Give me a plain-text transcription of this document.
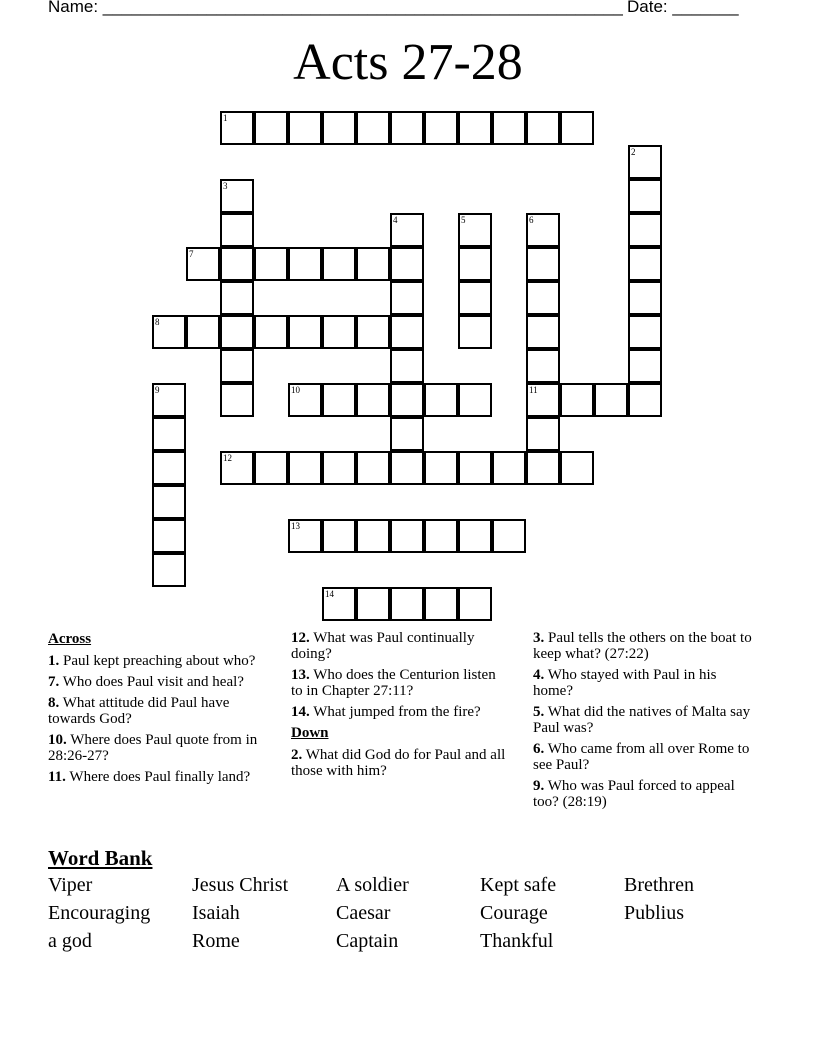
Name: _______________________________________________________ Date: _______
Acts 27-28
1
2
3
4	5	6
11
7
8
9	10
12
13
14
Across
1. Paul kept preaching about who?
7. Who does Paul visit and heal?
8. What attitude did Paul have towards God?
10. Where does Paul quote from in 28:26-27?
11. Where does Paul finally land?
12. What was Paul continually doing?
13. Who does the Centurion listen to in Chapter 27:11?
14. What jumped from the fire?
Down
2. What did God do for Paul and all those with him?
3. Paul tells the others on the boat to keep what? (27:22)
4. Who stayed with Paul in his home?
5. What did the natives of Malta say Paul was?
6. Who came from all over Rome to see Paul?
9. Who was Paul forced to appeal too? (28:19)
Word Bank
Viper	Jesus Christ	A soldier	Kept safe	Brethren
Encouraging	Isaiah	Caesar	Courage	Publius
a god	Rome	Captain	Thankful
